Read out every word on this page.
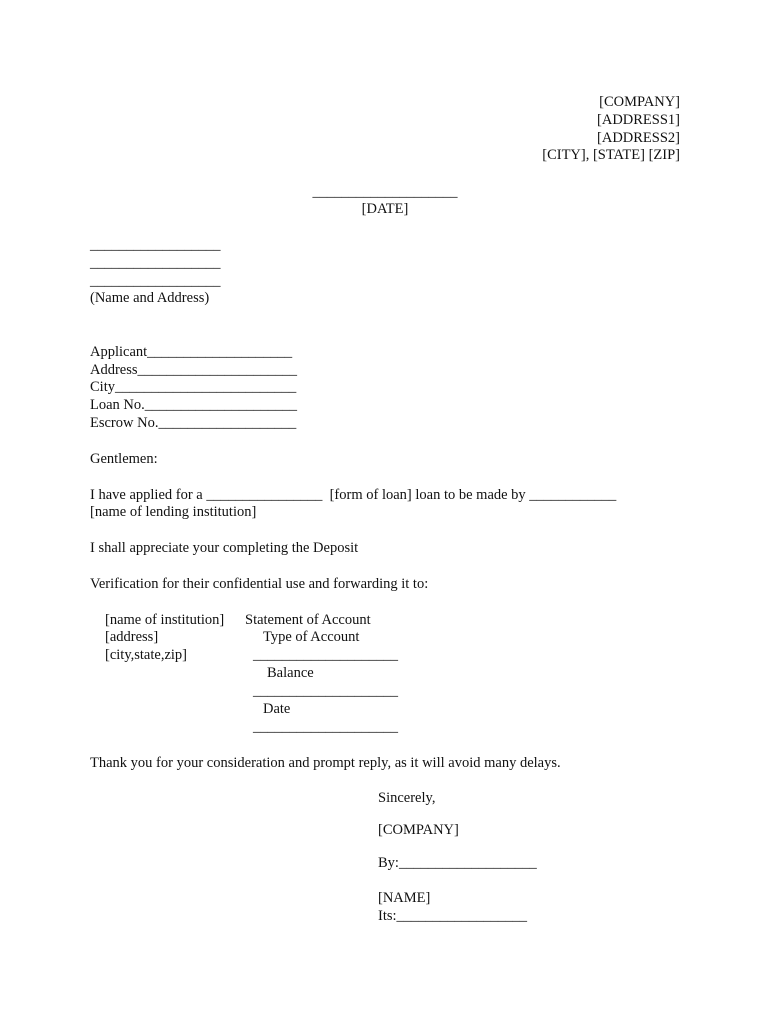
[COMPANY]
[ADDRESS1]
[ADDRESS2]
[CITY], [STATE] [ZIP]
____________________
[DATE]
__________________
__________________
__________________
(Name and Address)
Applicant____________________
Address______________________
City_________________________
Loan No._____________________
Escrow No.___________________
Gentlemen:
I have applied for a ________________  [form of loan] loan to be made by ____________
[name of lending institution]
I shall appreciate your completing the Deposit
Verification for their confidential use and forwarding it to:
[name of institution]
[address]
[city,state,zip]
Statement of Account
Type of Account
____________________
Balance
____________________
Date
____________________
Thank you for your consideration and prompt reply, as it will avoid many delays.
Sincerely,
[COMPANY]
By:___________________
[NAME]
Its:__________________
